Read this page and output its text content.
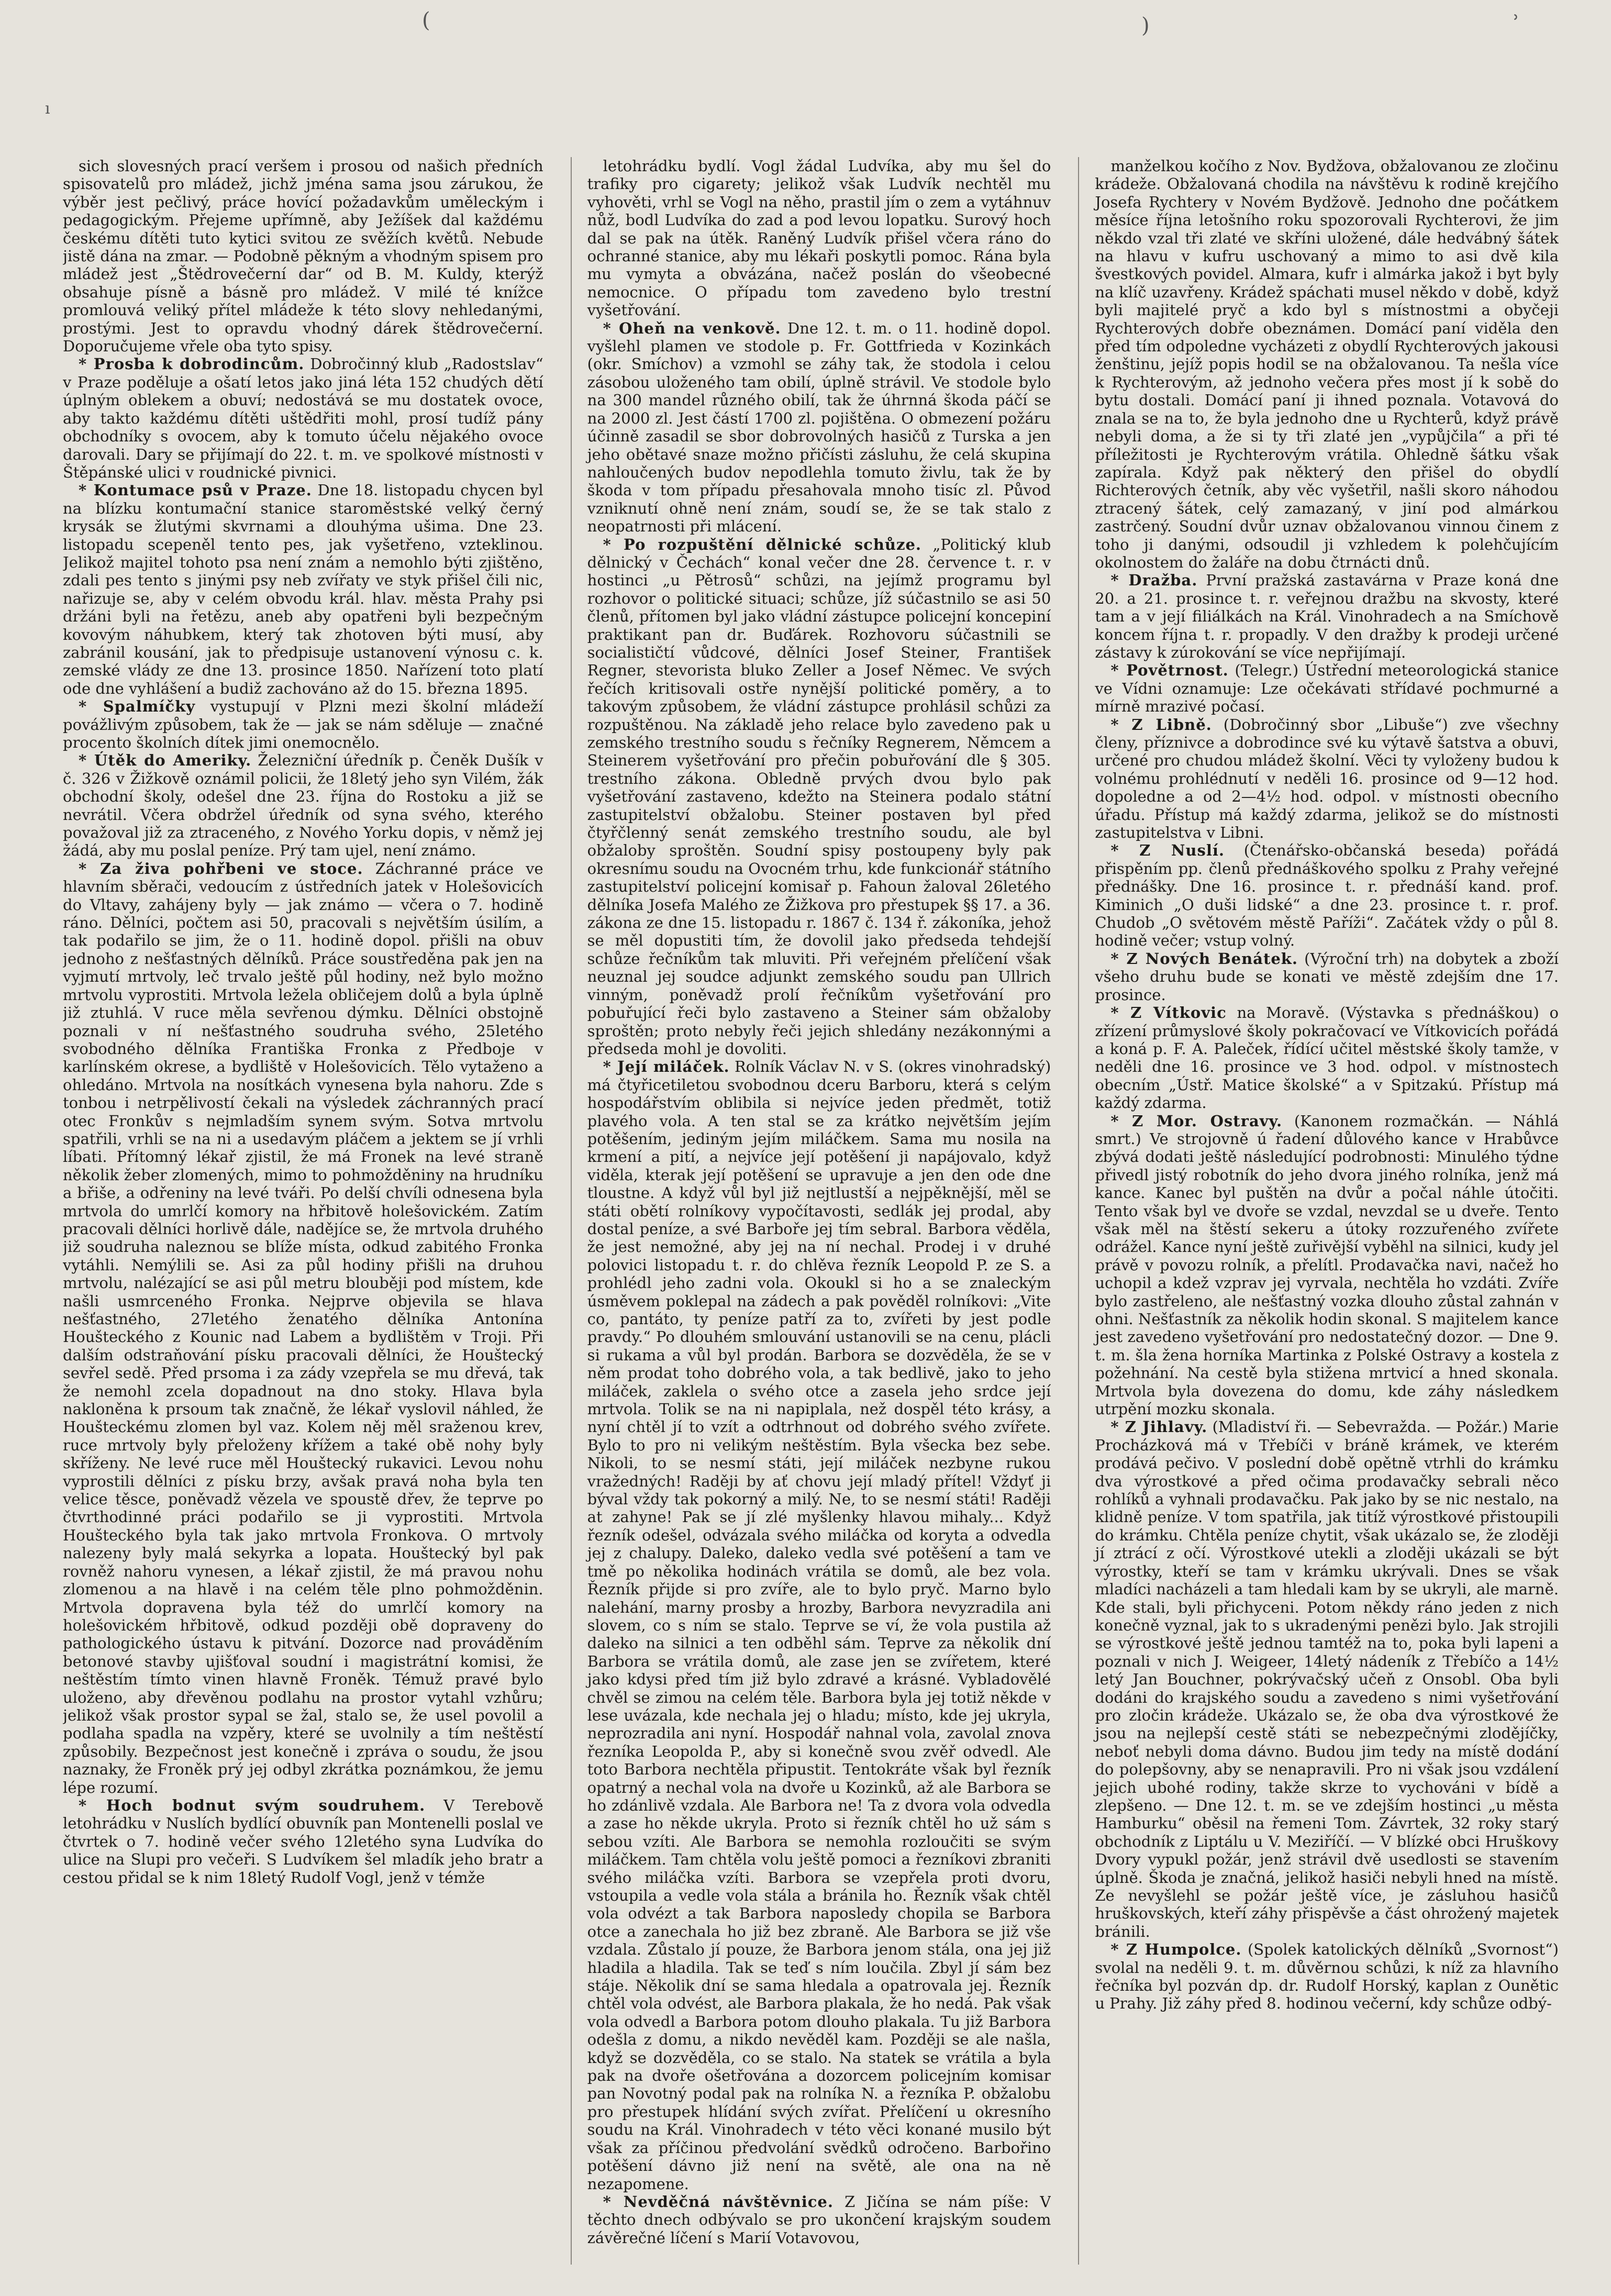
(	)	ʾ
ı

sich slovesných prací veršem i prosou od našich předních spisovatelů pro mládež, jichž jména sama jsou zárukou, že výběr jest pečlivý, práce hovící požadavkům uměleckým i pedagogickým. Přejeme upřímně, aby Ježíšek dal každému českému dítěti tuto kytici svitou ze svěžích květů. Nebude jistě dána na zmar. — Podobně pěkným a vhodným spisem pro mládež jest „Štědrovečerní dar“ od B. M. Kuldy, kterýž obsahuje písně a básně pro mládež. V milé té knížce promlouvá veliký přítel mládeže k této slovy nehledanými, prostými. Jest to opravdu vhodný dárek štědrovečerní. Doporučujeme vřele oba tyto spisy.

* Prosba k dobrodincům. Dobročinný klub „Radostslav“ v Praze poděluje a ošatí letos jako jiná léta 152 chudých dětí úplným oblekem a obuví; nedostává se mu dostatek ovoce, aby takto každému dítěti uštědřiti mohl, prosí tudíž pány obchodníky s ovocem, aby k tomuto účelu nějakého ovoce darovali. Dary se přijímají do 22. t. m. ve spolkové místnosti v Štěpánské ulici v roudnické pivnici.

* Kontumace psů v Praze. Dne 18. listopadu chycen byl na blízku kontumační stanice staroměstské velký černý krysák se žlutými skvrnami a dlouhýma ušima. Dne 23. listopadu scepeněl tento pes, jak vyšetřeno, vzteklinou. Jelikož majitel tohoto psa není znám a nemohlo býti zjištěno, zdali pes tento s jinými psy neb zvířaty ve styk přišel čili nic, nařizuje se, aby v celém obvodu král. hlav. města Prahy psi držáni byli na řetězu, aneb aby opatřeni byli bezpečným kovovým náhubkem, který tak zhotoven býti musí, aby zabránil kousání, jak to předpisuje ustanovení výnosu c. k. zemské vlády ze dne 13. prosince 1850. Nařízení toto platí ode dne vyhlášení a budiž zachováno až do 15. března 1895.

* Spalmíčky vystupují v Plzni mezi školní mládeží povážlivým způsobem, tak že — jak se nám sděluje — značné procento školních dítek jimi onemocnělo.

* Útěk do Ameriky. Železniční úředník p. Čeněk Dušík v č. 326 v Žižkově oznámil policii, že 18letý jeho syn Vilém, žák obchodní školy, odešel dne 23. října do Rostoku a již se nevrátil. Včera obdržel úředník od syna svého, kterého považoval již za ztraceného, z Nového Yorku dopis, v němž jej žádá, aby mu poslal peníze. Prý tam ujel, není známo.

* Za živa pohřbeni ve stoce. Záchranné práce ve hlavním sběrači, vedoucím z ústředních jatek v Holešovicích do Vltavy, zahájeny byly — jak známo — včera o 7. hodině ráno. Dělníci, počtem asi 50, pracovali s největším úsilím, a tak podařilo se jim, že o 11. hodině dopol. přišli na obuv jednoho z nešťastných dělníků. Práce soustředěna pak jen na vyjmutí mrtvoly, leč trvalo ještě půl hodiny, než bylo možno mrtvolu vyprostiti. Mrtvola ležela obličejem dolů a byla úplně již ztuhlá. V ruce měla sevřenou dýmku. Dělníci obstojně poznali v ní nešťastného soudruha svého, 25letého svobodného dělníka Františka Fronka z Předboje v karlínském okrese, a bydliště v Holešovicích. Tělo vytaženo a ohledáno. Mrtvola na nosítkách vynesena byla nahoru. Zde s tonbou i netrpělivostí čekali na výsledek záchranných prací otec Fronkův s nejmladším synem svým. Sotva mrtvolu spatřili, vrhli se na ni a usedavým pláčem a jektem se jí vrhli líbati. Přítomný lékař zjistil, že má Fronek na levé straně několik žeber zlomených, mimo to pohmožděniny na hrudníku a břiše, a odřeniny na levé tváři. Po delší chvíli odnesena byla mrtvola do umrlčí komory na hřbitově holešovickém. Zatím pracovali dělníci horlivě dále, nadějíce se, že mrtvola druhého již soudruha naleznou se blíže místa, odkud zabitého Fronka vytáhli. Nemýlili se. Asi za půl hodiny přišli na druhou mrtvolu, nalézající se asi půl metru blouběji pod místem, kde našli usmrceného Fronka. Nejprve objevila se hlava nešťastného, 27letého ženatého dělníka Antonína Houšteckého z Kounic nad Labem a bydlištěm v Troji. Při dalším odstraňování písku pracovali dělníci, že Houštecký sevřel sedě. Před prsoma i za zády vzepřela se mu dřevá, tak že nemohl zcela dopadnout na dno stoky. Hlava byla nakloněna k prsoum tak značně, že lékař vyslovil náhled, že Houšteckému zlomen byl vaz. Kolem něj měl sraženou krev, ruce mrtvoly byly přeloženy křížem a také obě nohy byly skříženy. Ne levé ruce měl Houštecký rukavici. Levou nohu vyprostili dělníci z písku brzy, avšak pravá noha byla ten velice těsce, poněvadž vězela ve spoustě dřev, že teprve po čtvrthodinné práci podařilo se ji vyprostiti. Mrtvola Houšteckého byla tak jako mrtvola Fronkova. O mrtvoly nalezeny byly malá sekyrka a lopata. Houštecký byl pak rovněž nahoru vynesen, a lékař zjistil, že má pravou nohu zlomenou a na hlavě i na celém těle plno pohmožděnin. Mrtvola dopravena byla též do umrlčí komory na holešovickém hřbitově, odkud později obě dopraveny do pathologického ústavu k pitvání. Dozorce nad prováděním betonové stavby ujišťoval soudní i magistrátní komisi, že neštěstím tímto vinen hlavně Froněk. Témuž pravé bylo uloženo, aby dřevěnou podlahu na prostor vytahl vzhůru; jelikož však prostor sypal se žal, stalo se, že usel povolil a podlaha spadla na vzpěry, které se uvolnily a tím neštěstí způsobily. Bezpečnost jest konečně i zpráva o soudu, že jsou naznaky, že Froněk prý jej odbyl zkrátka poznámkou, že jemu lépe rozumí.

* Hoch bodnut svým soudruhem. V Terebově letohrádku v Nuslích bydlící obuvník pan Montenelli poslal ve čtvrtek o 7. hodině večer svého 12letého syna Ludvíka do ulice na Slupi pro večeři. S Ludvíkem šel mladík jeho bratr a cestou přidal se k nim 18letý Rudolf Vogl, jenž v témže

letohrádku bydlí. Vogl žádal Ludvíka, aby mu šel do trafiky pro cigarety; jelikož však Ludvík nechtěl mu vyhověti, vrhl se Vogl na něho, prastil jím o zem a vytáhnuv nůž, bodl Ludvíka do zad a pod levou lopatku. Surový hoch dal se pak na útěk. Raněný Ludvík přišel včera ráno do ochranné stanice, aby mu lékaři poskytli pomoc. Rána byla mu vymyta a obvázána, načež poslán do všeobecné nemocnice. O případu tom zavedeno bylo trestní vyšetřování.

* Oheň na venkově. Dne 12. t. m. o 11. hodině dopol. vyšlehl plamen ve stodole p. Fr. Gottfrieda v Kozinkách (okr. Smíchov) a vzmohl se záhy tak, že stodola i celou zásobou uloženého tam obilí, úplně strávil. Ve stodole bylo na 300 mandel různého obilí, tak že úhrnná škoda páčí se na 2000 zl. Jest částí 1700 zl. pojištěna. O obmezení požáru účinně zasadil se sbor dobrovolných hasičů z Turska a jen jeho obětavé snaze možno přičísti zásluhu, že celá skupina nahloučených budov nepodlehla tomuto živlu, tak že by škoda v tom případu přesahovala mnoho tisíc zl. Původ vzniknutí ohně není znám, soudí se, že se tak stalo z neopatrnosti při mlácení.

* Po rozpuštění dělnické schůze. „Politický klub dělnický v Čechách“ konal večer dne 28. července t. r. v hostinci „u Pětrosů“ schůzi, na jejímž programu byl rozhovor o politické situaci; schůze, jíž súčastnilo se asi 50 členů, přítomen byl jako vládní zástupce policejní koncepiní praktikant pan dr. Buďárek. Rozhovoru súčastnili se socialističtí vůdcové, dělníci Josef Steiner, František Regner, stevorista bluko Zeller a Josef Němec. Ve svých řečích kritisovali ostře nynější politické poměry, a to takovým způsobem, že vládní zástupce prohlásil schůzi za rozpuštěnou. Na základě jeho relace bylo zavedeno pak u zemského trestního soudu s řečníky Regnerem, Němcem a Steinerem vyšetřování pro přečin pobuřování dle § 305. trestního zákona. Obledně prvých dvou bylo pak vyšetřování zastaveno, kdežto na Steinera podalo státní zastupitelství obžalobu. Steiner postaven byl před čtyřčlenný senát zemského trestního soudu, ale byl obžaloby sproštěn. Soudní spisy postoupeny byly pak okresnímu soudu na Ovocném trhu, kde funkcionář státního zastupitelství policejní komisař p. Fahoun žaloval 26letého dělníka Josefa Malého ze Žižkova pro přestupek §§ 17. a 36. zákona ze dne 15. listopadu r. 1867 č. 134 ř. zákoníka, jehož se měl dopustiti tím, že dovolil jako předseda tehdejší schůze řečníkům tak mluviti. Při veřejném přelíčení však neuznal jej soudce adjunkt zemského soudu pan Ullrich vinným, poněvadž prolí řečníkům vyšetřování pro pobuřující řeči bylo zastaveno a Steiner sám obžaloby sproštěn; proto nebyly řeči jejich shledány nezákonnými a předseda mohl je dovoliti.

* Její miláček. Rolník Václav N. v S. (okres vinohradský) má čtyřicetiletou svobodnou dceru Barboru, která s celým hospodářstvím oblibila si nejvíce jeden předmět, totiž plavého vola. A ten stal se za krátko největším jejím potěšením, jediným jejím miláčkem. Sama mu nosila na krmení a pití, a nejvíce její potěšení ji napájovalo, když viděla, kterak její potěšení se upravuje a jen den ode dne tloustne. A když vůl byl již nejtlustší a nejpěknější, měl se státi obětí rolníkovy vypočítavosti, sedlák jej prodal, aby dostal peníze, a své Barboře jej tím sebral. Barbora věděla, že jest nemožné, aby jej na ní nechal. Prodej i v druhé polovici listopadu t. r. do chlěva řezník Leopold P. ze S. a prohlédl jeho zadni vola. Okoukl si ho a se znaleckým úsměvem poklepal na zádech a pak pověděl rolníkovi: „Vite co, pantáto, ty peníze patří za to, zvířeti by jest podle pravdy.“ Po dlouhém smlouvání ustanovili se na cenu, plácli si rukama a vůl byl prodán. Barbora se dozvěděla, že se v něm prodat toho dobrého vola, a tak bedlivě, jako to jeho miláček, zaklela o svého otce a zasela jeho srdce její mrtvola. Tolik se na ni napiplala, než dospěl této krásy, a nyní chtěl jí to vzít a odtrhnout od dobrého svého zvířete. Bylo to pro ni velikým neštěstím. Byla všecka bez sebe. Nikoli, to se nesmí státi, její miláček nezbyne rukou vražedných! Raději by ať chovu její mladý přítel! Vždyť ji býval vždy tak pokorný a milý. Ne, to se nesmí státi! Raději at zahyne! Pak se jí zlé myšlenky hlavou mihaly... Když řezník odešel, odvázala svého miláčka od koryta a odvedla jej z chalupy. Daleko, daleko vedla své potěšení a tam ve tmě po několika hodinách vrátila se domů, ale bez vola. Řezník přijde si pro zvíře, ale to bylo pryč. Marno bylo nalehání, marny prosby a hrozby, Barbora nevyzradila ani slovem, co s ním se stalo. Teprve se ví, že vola pustila až daleko na silnici a ten odběhl sám. Teprve za několik dní Barbora se vrátila domů, ale zase jen se zvířetem, které jako kdysi před tím již bylo zdravé a krásné. Vybladovělé chvěl se zimou na celém těle. Barbora byla jej totiž někde v lese uvázala, kde nechala jej o hladu; místo, kde jej ukryla, neprozradila ani nyní. Hospodář nahnal vola, zavolal znova řezníka Leopolda P., aby si konečně svou zvěř odvedl. Ale toto Barbora nechtěla připustit. Tentokráte však byl řezník opatrný a nechal vola na dvoře u Kozinků, až ale Barbora se ho zdánlivě vzdala. Ale Barbora ne! Ta z dvora vola odvedla a zase ho někde ukryla. Proto si řezník chtěl ho už sám s sebou vzíti. Ale Barbora se nemohla rozloučiti se svým miláčkem. Tam chtěla volu ještě pomoci a řezníkovi zbraniti svého miláčka vzíti. Barbora se vzepřela proti dvoru, vstoupila a vedle vola stála a bránila ho. Řezník však chtěl vola odvézt a tak Barbora naposledy chopila se Barbora otce a zanechala ho již bez zbraně. Ale Barbora se již vše vzdala. Zůstalo jí pouze, že Barbora jenom stála, ona jej již hladila a hladila. Tak se teď s ním loučila. Zbyl jí sám bez stáje. Několik dní se sama hledala a opatrovala jej. Řezník chtěl vola odvést, ale Barbora plakala, že ho nedá. Pak však vola odvedl a Barbora potom dlouho plakala. Tu již Barbora odešla z domu, a nikdo nevěděl kam. Později se ale našla, když se dozvěděla, co se stalo. Na statek se vrátila a byla pak na dvoře ošetřována a dozorcem policejním komisar pan Novotný podal pak na rolníka N. a řezníka P. obžalobu pro přestupek hlídání svých zvířat. Přelíčení u okresního soudu na Král. Vinohradech v této věci konané musilo být však za příčinou předvolání svědků odročeno. Barbořino potěšení dávno již není na světě, ale ona na ně nezapomene.

* Nevděčná návštěvnice. Z Jičína se nám píše: V těchto dnech odbývalo se pro ukončení krajským soudem závěrečné líčení s Marií Votavovou,

manželkou kočího z Nov. Bydžova, obžalovanou ze zločinu krádeže. Obžalovaná chodila na návštěvu k rodině krejčího Josefa Rychtery v Novém Bydžově. Jednoho dne počátkem měsíce října letošního roku spozorovali Rychterovi, že jim někdo vzal tři zlaté ve skříni uložené, dále hedvábný šátek na hlavu v kufru uschovaný a mimo to asi dvě kila švestkových povidel. Almara, kufr i almárka jakož i byt byly na klíč uzavřeny. Krádež spáchati musel někdo v době, když byli majitelé pryč a kdo byl s místnostmi a obyčeji Rychterových dobře obeznámen. Domácí paní viděla den před tím odpoledne vycházeti z obydlí Rychterových jakousi ženštinu, jejíž popis hodil se na obžalovanou. Ta nešla více k Rychterovým, až jednoho večera přes most jí k sobě do bytu dostali. Domácí paní ji ihned poznala. Votavová do znala se na to, že byla jednoho dne u Rychterů, když právě nebyli doma, a že si ty tři zlaté jen „vypůjčila“ a při té příležitosti je Rychterovým vrátila. Ohledně šátku však zapírala. Když pak některý den přišel do obydlí Richterových četník, aby věc vyšetřil, našli skoro náhodou ztracený šátek, celý zamazaný, v jiní pod almárkou zastrčený. Soudní dvůr uznav obžalovanou vinnou činem z toho ji danými, odsoudil ji vzhledem k polehčujícím okolnostem do žaláře na dobu čtrnácti dnů.

* Dražba. První pražská zastavárna v Praze koná dne 20. a 21. prosince t. r. veřejnou dražbu na skvosty, které tam a v její filiálkách na Král. Vinohradech a na Smíchově koncem října t. r. propadly. V den dražby k prodeji určené zástavy k zúrokování se více nepřijímají.

* Povětrnost. (Telegr.) Ústřední meteorologická stanice ve Vídni oznamuje: Lze očekávati střídavé pochmurné a mírně mrazivé počasí.

* Z Libně. (Dobročinný sbor „Libuše“) zve všechny členy, příznivce a dobrodince své ku výtavě šatstva a obuvi, určené pro chudou mládež školní. Věci ty vyloženy budou k volnému prohlédnutí v neděli 16. prosince od 9—12 hod. dopoledne a od 2—4½ hod. odpol. v místnosti obecního úřadu. Přístup má každý zdarma, jelikož se do místnosti zastupitelstva v Libni.

* Z Nuslí. (Čtenářsko-občanská beseda) pořádá přispěním pp. členů přednáškového spolku z Prahy veřejné přednášky. Dne 16. prosince t. r. přednáší kand. prof. Kiminich „O duši lidské“ a dne 23. prosince t. r. prof. Chudob „O světovém městě Paříži“. Začátek vždy o půl 8. hodině večer; vstup volný.

* Z Nových Benátek. (Výroční trh) na dobytek a zboží všeho druhu bude se konati ve městě zdejším dne 17. prosince.

* Z Vítkovic na Moravě. (Výstavka s přednáškou) o zřízení průmyslové školy pokračovací ve Vítkovicích pořádá a koná p. F. A. Paleček, řídící učitel městské školy tamže, v neděli dne 16. prosince ve 3 hod. odpol. v místnostech obecním „Ústř. Matice školské“ a v Spitzakú. Přístup má každý zdarma.

* Z Mor. Ostravy. (Kanonem rozmačkán. — Náhlá smrt.) Ve strojovně ú řadení důlového kance v Hrabůvce zbývá dodati ještě následující podrobnosti: Minulého týdne přivedl jistý robotník do jeho dvora jiného rolníka, jenž má kance. Kanec byl puštěn na dvůr a počal náhle útočiti. Tento však byl ve dvoře se vzdal, nevzdal se u dveře. Tento však měl na štěstí sekeru a útoky rozzuřeného zvířete odrážel. Kance nyní ještě zuřivější vyběhl na silnici, kudy jel právě v povozu rolník, a přelítl. Prodavačka navi, načež ho uchopil a kdež vzprav jej vyrvala, nechtěla ho vzdáti. Zvíře bylo zastřeleno, ale nešťastný vozka dlouho zůstal zahnán v ohni. Nešťastník za několik hodin skonal. S majitelem kance jest zavedeno vyšetřování pro nedostatečný dozor. — Dne 9. t. m. šla žena horníka Martinka z Polské Ostravy a kostela z požehnání. Na cestě byla stižena mrtvicí a hned skonala. Mrtvola byla dovezena do domu, kde záhy následkem utrpění mozku skonala.

* Z Jihlavy. (Mladiství ři. — Sebevražda. — Požár.) Marie Procházková má v Třebíči v bráně krámek, ve kterém prodává pečivo. V poslední době opětně vtrhli do krámku dva výrostkové a před očima prodavačky sebrali něco rohlíků a vyhnali prodavačku. Pak jako by se nic nestalo, na klidně peníze. V tom spatřila, jak titíž výrostkové přistoupili do krámku. Chtěla peníze chytit, však ukázalo se, že zloději jí ztrácí z očí. Výrostkové utekli a zloději ukázali se být výrostky, kteří se tam v krámku ukrývali. Dnes se však mladíci nacházeli a tam hledali kam by se ukryli, ale marně. Kde stali, byli přichyceni. Potom někdy ráno jeden z nich konečně vyznal, jak to s ukradenými penězi bylo. Jak strojili se výrostkové ještě jednou tamtéž na to, poka byli lapeni a poznali v nich J. Weigeer, 14letý nádeník z Třebíčo a 14½ letý Jan Bouchner, pokrývačský učeň z Onsobl. Oba byli dodáni do krajského soudu a zavedeno s nimi vyšetřování pro zločin krádeže. Ukázalo se, že oba dva výrostkové že jsou na nejlepší cestě státi se nebezpečnými zlodějíčky, neboť nebyli doma dávno. Budou jim tedy na místě dodání do polepšovny, aby se nenapravili. Pro ni však jsou vzdálení jejich ubohé rodiny, takže skrze to vychováni v bídě a zlepšeno. — Dne 12. t. m. se ve zdejším hostinci „u města Hamburku“ oběsil na řemeni Tom. Závrtek, 32 roky starý obchodník z Liptálu u V. Meziříčí. — V blízké obci Hruškovy Dvory vypukl požár, jenž strávil dvě usedlosti se stavením úplně. Škoda je značná, jelikož hasiči nebyli hned na místě. Ze nevyšlehl se požár ještě více, je zásluhou hasičů hruškovských, kteří záhy přispěvše a část ohrožený majetek bránili.

* Z Humpolce. (Spolek katolických dělníků „Svornost“) svolal na neděli 9. t. m. důvěrnou schůzi, k níž za hlavního řečníka byl pozván dp. dr. Rudolf Horský, kaplan z Ounětic u Prahy. Již záhy před 8. hodinou večerní, kdy schůze odbý-
